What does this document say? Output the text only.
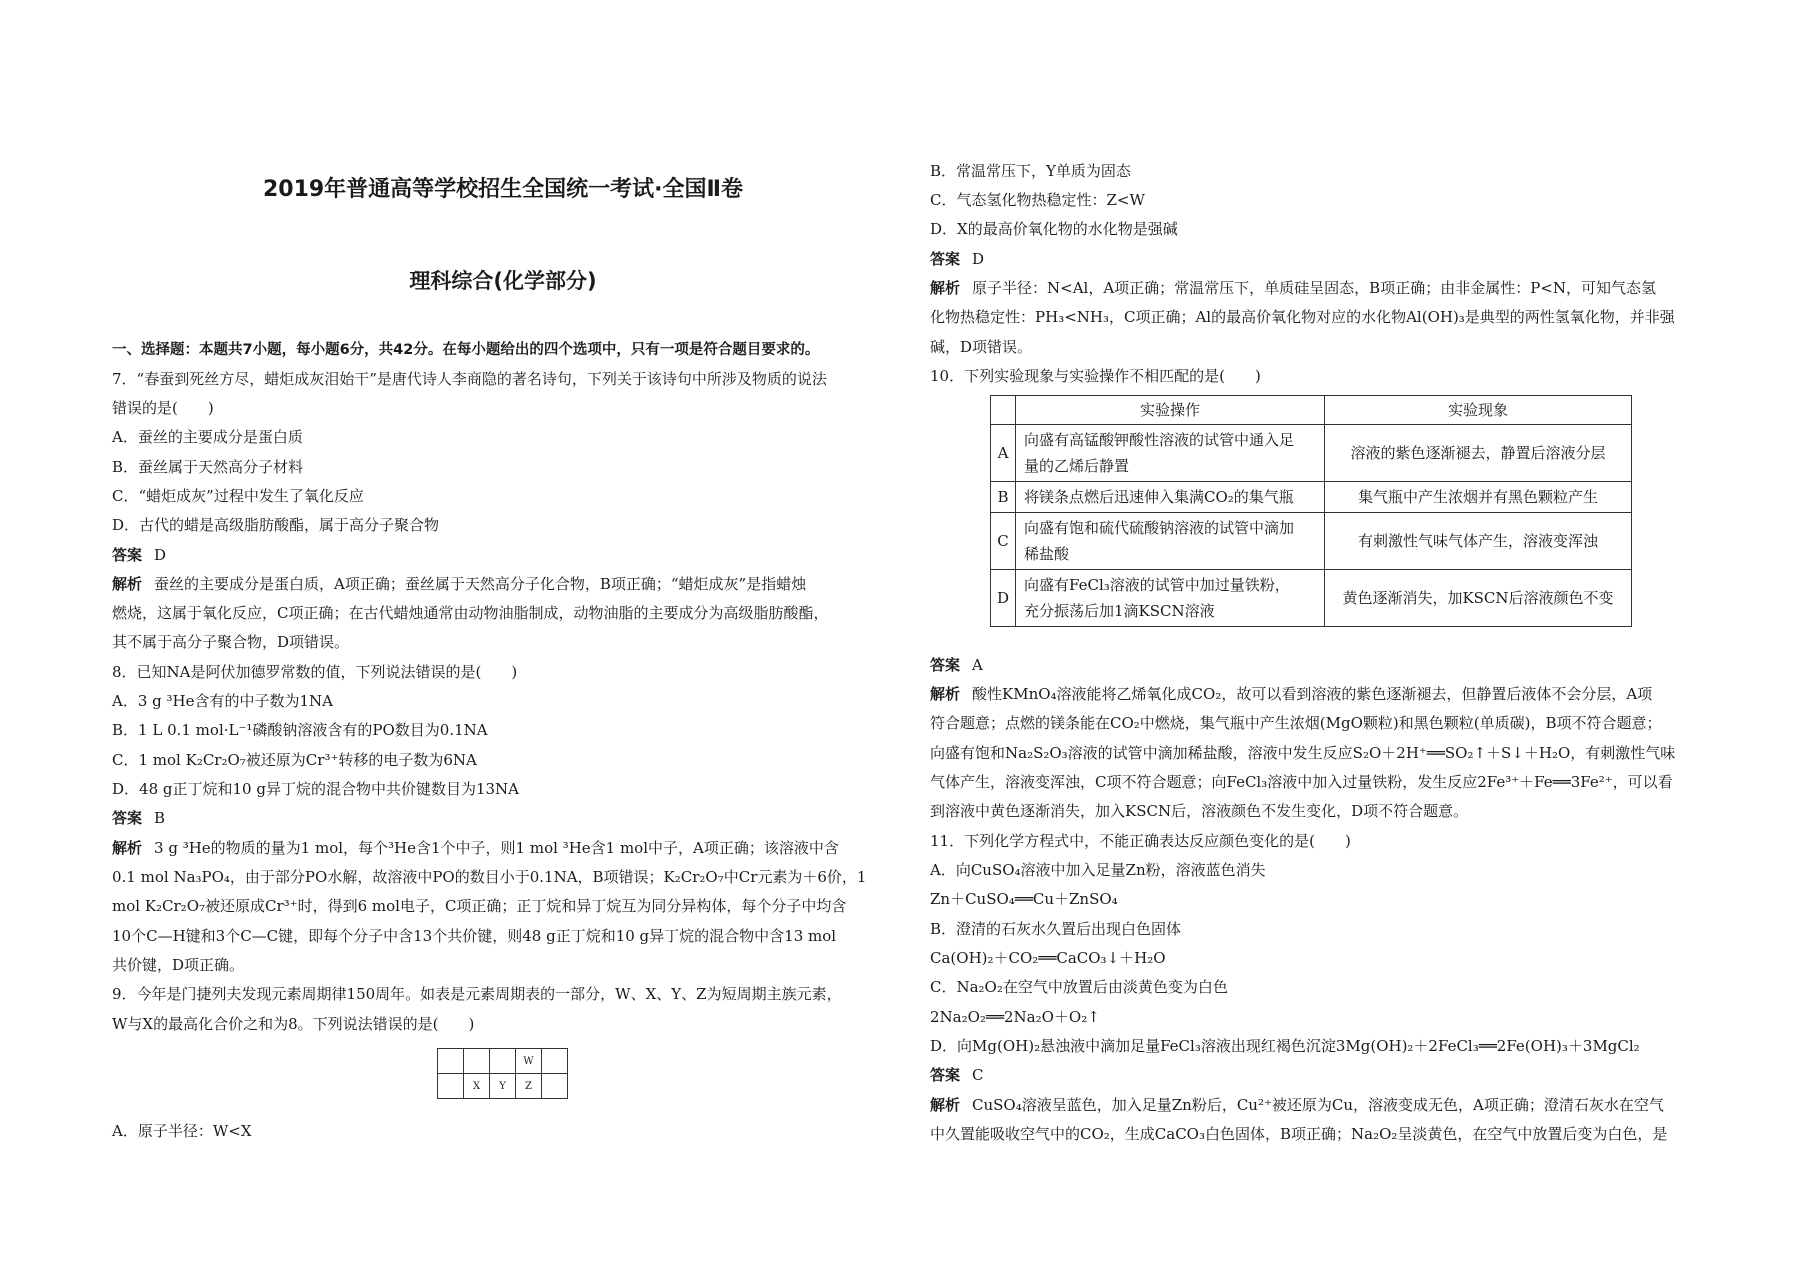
2019年普通高等学校招生全国统一考试·全国Ⅱ卷
理科综合(化学部分)
一、选择题：本题共7小题，每小题6分，共42分。在每小题给出的四个选项中，只有一项是符合题目要求的。
7．“春蚕到死丝方尽，蜡炬成灰泪始干”是唐代诗人李商隐的著名诗句，下列关于该诗句中所涉及物质的说法
错误的是(　　)
A．蚕丝的主要成分是蛋白质
B．蚕丝属于天然高分子材料
C．“蜡炬成灰”过程中发生了氧化反应
D．古代的蜡是高级脂肪酸酯，属于高分子聚合物
答案 D
解析 蚕丝的主要成分是蛋白质，A项正确；蚕丝属于天然高分子化合物，B项正确；“蜡炬成灰”是指蜡烛
燃烧，这属于氧化反应，C项正确；在古代蜡烛通常由动物油脂制成，动物油脂的主要成分为高级脂肪酸酯，
其不属于高分子聚合物，D项错误。
8．已知NA是阿伏加德罗常数的值，下列说法错误的是(　　)
A．3 g ³He含有的中子数为1NA
B．1 L 0.1 mol·L⁻¹磷酸钠溶液含有的PO数目为0.1NA
C．1 mol K₂Cr₂O₇被还原为Cr³⁺转移的电子数为6NA
D．48 g正丁烷和10 g异丁烷的混合物中共价键数目为13NA
答案 B
解析 3 g ³He的物质的量为1 mol，每个³He含1个中子，则1 mol ³He含1 mol中子，A项正确；该溶液中含
0.1 mol Na₃PO₄，由于部分PO水解，故溶液中PO的数目小于0.1NA，B项错误；K₂Cr₂O₇中Cr元素为＋6价，1
mol K₂Cr₂O₇被还原成Cr³⁺时，得到6 mol电子，C项正确；正丁烷和异丁烷互为同分异构体，每个分子中均含
10个C—H键和3个C—C键，即每个分子中含13个共价键，则48 g正丁烷和10 g异丁烷的混合物中含13 mol
共价键，D项正确。
9．今年是门捷列夫发现元素周期律150周年。如表是元素周期表的一部分，W、X、Y、Z为短周期主族元素，
W与X的最高化合价之和为8。下列说法错误的是(　　)
			W	
	X	Y	Z	
A．原子半径：W<X
B．常温常压下，Y单质为固态
C．气态氢化物热稳定性：Z<W
D．X的最高价氧化物的水化物是强碱
答案 D
解析 原子半径：N<Al，A项正确；常温常压下，单质硅呈固态，B项正确；由非金属性：P<N，可知气态氢
化物热稳定性：PH₃<NH₃，C项正确；Al的最高价氧化物对应的水化物Al(OH)₃是典型的两性氢氧化物，并非强
碱，D项错误。
10．下列实验现象与实验操作不相匹配的是(　　)
	实验操作	实验现象
A	向盛有高锰酸钾酸性溶液的试管中通入足
量的乙烯后静置	溶液的紫色逐渐褪去，静置后溶液分层
B	将镁条点燃后迅速伸入集满CO₂的集气瓶	集气瓶中产生浓烟并有黑色颗粒产生
C	向盛有饱和硫代硫酸钠溶液的试管中滴加
稀盐酸	有刺激性气味气体产生，溶液变浑浊
D	向盛有FeCl₃溶液的试管中加过量铁粉，
充分振荡后加1滴KSCN溶液	黄色逐渐消失，加KSCN后溶液颜色不变
答案 A
解析 酸性KMnO₄溶液能将乙烯氧化成CO₂，故可以看到溶液的紫色逐渐褪去，但静置后液体不会分层，A项
符合题意；点燃的镁条能在CO₂中燃烧，集气瓶中产生浓烟(MgO颗粒)和黑色颗粒(单质碳)，B项不符合题意；
向盛有饱和Na₂S₂O₃溶液的试管中滴加稀盐酸，溶液中发生反应S₂O＋2H⁺══SO₂↑＋S↓＋H₂O，有刺激性气味
气体产生，溶液变浑浊，C项不符合题意；向FeCl₃溶液中加入过量铁粉，发生反应2Fe³⁺＋Fe══3Fe²⁺，可以看
到溶液中黄色逐渐消失，加入KSCN后，溶液颜色不发生变化，D项不符合题意。
11．下列化学方程式中，不能正确表达反应颜色变化的是(　　)
A．向CuSO₄溶液中加入足量Zn粉，溶液蓝色消失
Zn＋CuSO₄══Cu＋ZnSO₄
B．澄清的石灰水久置后出现白色固体
Ca(OH)₂＋CO₂══CaCO₃↓＋H₂O
C．Na₂O₂在空气中放置后由淡黄色变为白色
2Na₂O₂══2Na₂O＋O₂↑
D．向Mg(OH)₂悬浊液中滴加足量FeCl₃溶液出现红褐色沉淀3Mg(OH)₂＋2FeCl₃══2Fe(OH)₃＋3MgCl₂
答案 C
解析 CuSO₄溶液呈蓝色，加入足量Zn粉后，Cu²⁺被还原为Cu，溶液变成无色，A项正确；澄清石灰水在空气
中久置能吸收空气中的CO₂，生成CaCO₃白色固体，B项正确；Na₂O₂呈淡黄色，在空气中放置后变为白色，是
